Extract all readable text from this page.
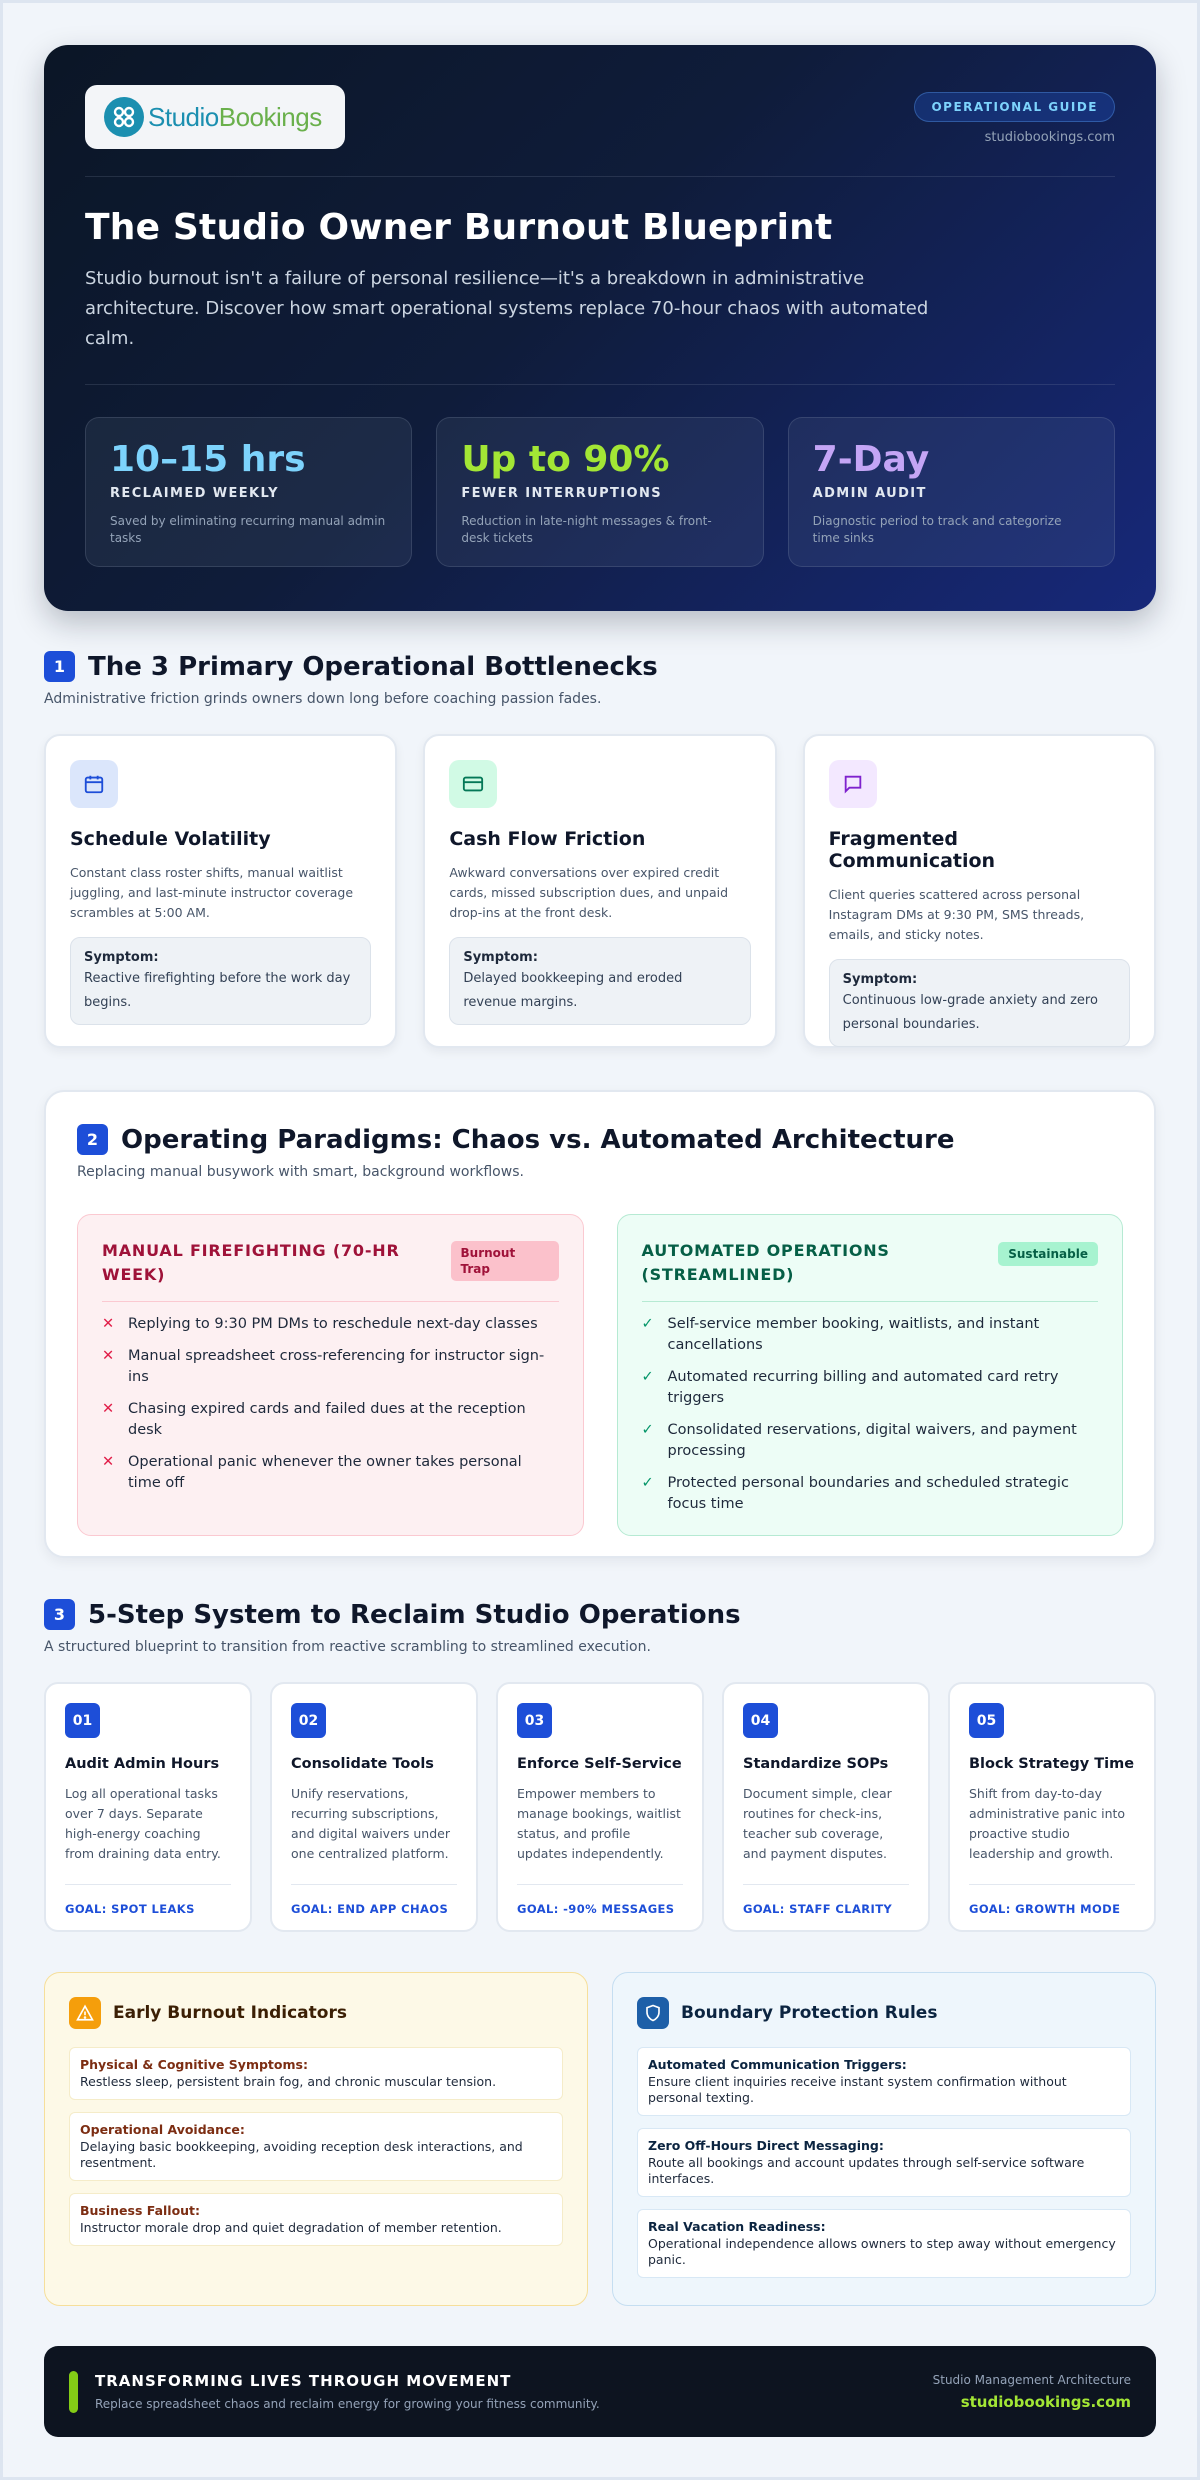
StudioBookings	OPERATIONAL GUIDE
studiobookings.com
The Studio Owner Burnout Blueprint

Studio burnout isn't a failure of personal resilience—it's a breakdown in administrative architecture. Discover how smart operational systems replace 70-hour chaos with automated calm.

10–15 hrs
RECLAIMED WEEKLY
Saved by eliminating recurring manual admin tasks
Up to 90%
FEWER INTERRUPTIONS
Reduction in late-night messages & front-desk tickets
7-Day
ADMIN AUDIT
Diagnostic period to track and categorize time sinks
1 The 3 Primary Operational Bottlenecks

Administrative friction grinds owners down long before coaching passion fades.

Schedule Volatility

Constant class roster shifts, manual waitlist juggling, and last-minute instructor coverage scrambles at 5:00 AM.

Symptom:
Reactive firefighting before the work day begins.
Cash Flow Friction

Awkward conversations over expired credit cards, missed subscription dues, and unpaid drop-ins at the front desk.

Symptom:
Delayed bookkeeping and eroded revenue margins.
Fragmented Communication

Client queries scattered across personal Instagram DMs at 9:30 PM, SMS threads, emails, and sticky notes.

Symptom:
Continuous low-grade anxiety and zero personal boundaries.
2 Operating Paradigms: Chaos vs. Automated Architecture

Replacing manual busywork with smart, background workflows.

MANUAL FIREFIGHTING (70-HR WEEK)
Burnout Trap
✕ Replying to 9:30 PM DMs to reschedule next-day classes
✕ Manual spreadsheet cross-referencing for instructor sign-ins
✕ Chasing expired cards and failed dues at the reception desk
✕ Operational panic whenever the owner takes personal time off
AUTOMATED OPERATIONS (STREAMLINED)
Sustainable
✓ Self-service member booking, waitlists, and instant cancellations
✓ Automated recurring billing and automated card retry triggers
✓ Consolidated reservations, digital waivers, and payment processing
✓ Protected personal boundaries and scheduled strategic focus time
3 5-Step System to Reclaim Studio Operations

A structured blueprint to transition from reactive scrambling to streamlined execution.

01
Audit Admin Hours
Log all operational tasks over 7 days. Separate high-energy coaching from draining data entry.
GOAL: SPOT LEAKS
02
Consolidate Tools
Unify reservations, recurring subscriptions, and digital waivers under one centralized platform.
GOAL: END APP CHAOS
03
Enforce Self-Service
Empower members to manage bookings, waitlist status, and profile updates independently.
GOAL: -90% MESSAGES
04
Standardize SOPs
Document simple, clear routines for check-ins, teacher sub coverage, and payment disputes.
GOAL: STAFF CLARITY
05
Block Strategy Time
Shift from day-to-day administrative panic into proactive studio leadership and growth.
GOAL: GROWTH MODE
Early Burnout Indicators
Physical & Cognitive Symptoms:
Restless sleep, persistent brain fog, and chronic muscular tension.
Operational Avoidance:
Delaying basic bookkeeping, avoiding reception desk interactions, and resentment.
Business Fallout:
Instructor morale drop and quiet degradation of member retention.
Boundary Protection Rules
Automated Communication Triggers:
Ensure client inquiries receive instant system confirmation without personal texting.
Zero Off-Hours Direct Messaging:
Route all bookings and account updates through self-service software interfaces.
Real Vacation Readiness:
Operational independence allows owners to step away without emergency panic.
TRANSFORMING LIVES THROUGH MOVEMENT
Replace spreadsheet chaos and reclaim energy for growing your fitness community.
Studio Management Architecture
studiobookings.com
